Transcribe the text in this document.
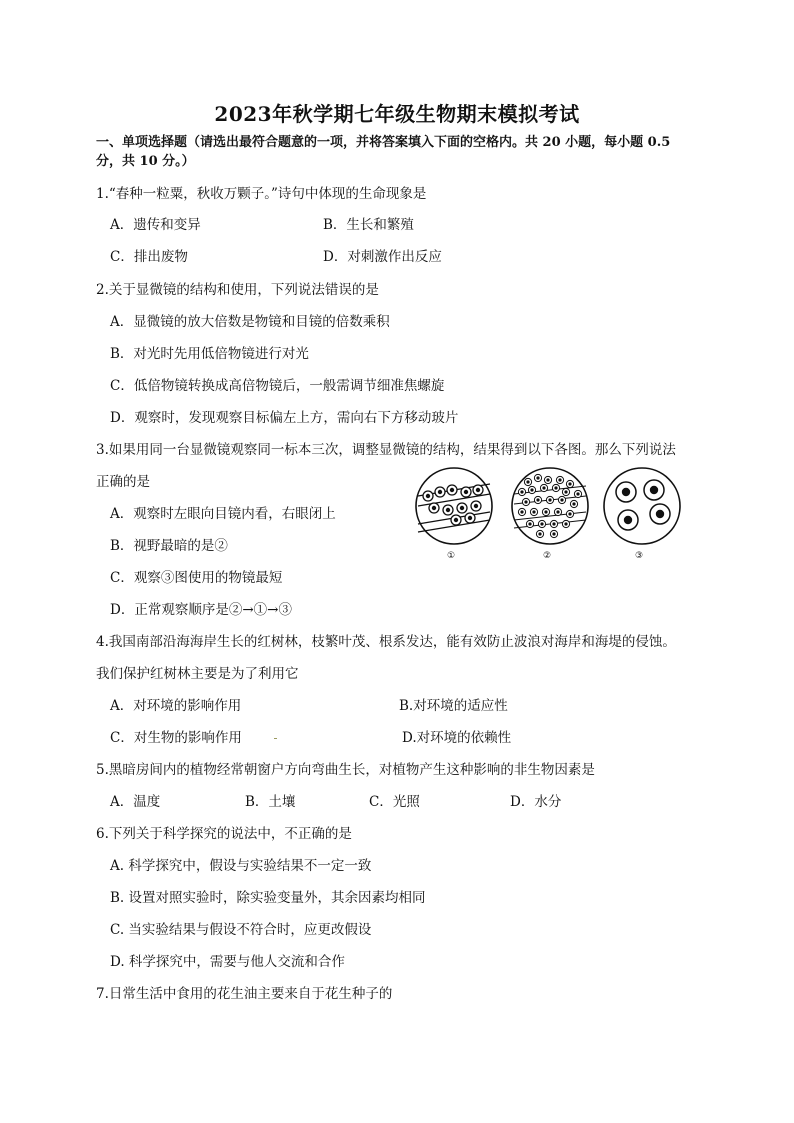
2023年秋学期七年级生物期末模拟考试
一、单项选择题（请选出最符合题意的一项，并将答案填入下面的空格内。共 20 小题，每小题 0.5
分，共 10 分。）
1.“春种一粒粟，秋收万颗子。”诗句中体现的生命现象是
A．遗传和变异	B．生长和繁殖
C．排出废物	D．对刺激作出反应
2.关于显微镜的结构和使用，下列说法错误的是
A．显微镜的放大倍数是物镜和目镜的倍数乘积
B．对光时先用低倍物镜进行对光
C．低倍物镜转换成高倍物镜后，一般需调节细准焦螺旋
D．观察时，发现观察目标偏左上方，需向右下方移动玻片
3.如果用同一台显微镜观察同一标本三次，调整显微镜的结构，结果得到以下各图。那么下列说法
正确的是
A．观察时左眼向目镜内看，右眼闭上
B．视野最暗的是②
C．观察③图使用的物镜最短
D．正常观察顺序是②→①→③
①	②	③
4.我国南部沿海海岸生长的红树林，枝繁叶茂、根系发达，能有效防止波浪对海岸和海堤的侵蚀。
我们保护红树林主要是为了利用它
A．对环境的影响作用	B.对环境的适应性
C．对生物的影响作用	D.对环境的依赖性
5.黑暗房间内的植物经常朝窗户方向弯曲生长，对植物产生这种影响的非生物因素是
A．温度	B．土壤	C．光照	D．水分
6.下列关于科学探究的说法中，不正确的是
A. 科学探究中，假设与实验结果不一定一致
B. 设置对照实验时，除实验变量外，其余因素均相同
C. 当实验结果与假设不符合时，应更改假设
D. 科学探究中，需要与他人交流和合作
7.日常生活中食用的花生油主要来自于花生种子的
